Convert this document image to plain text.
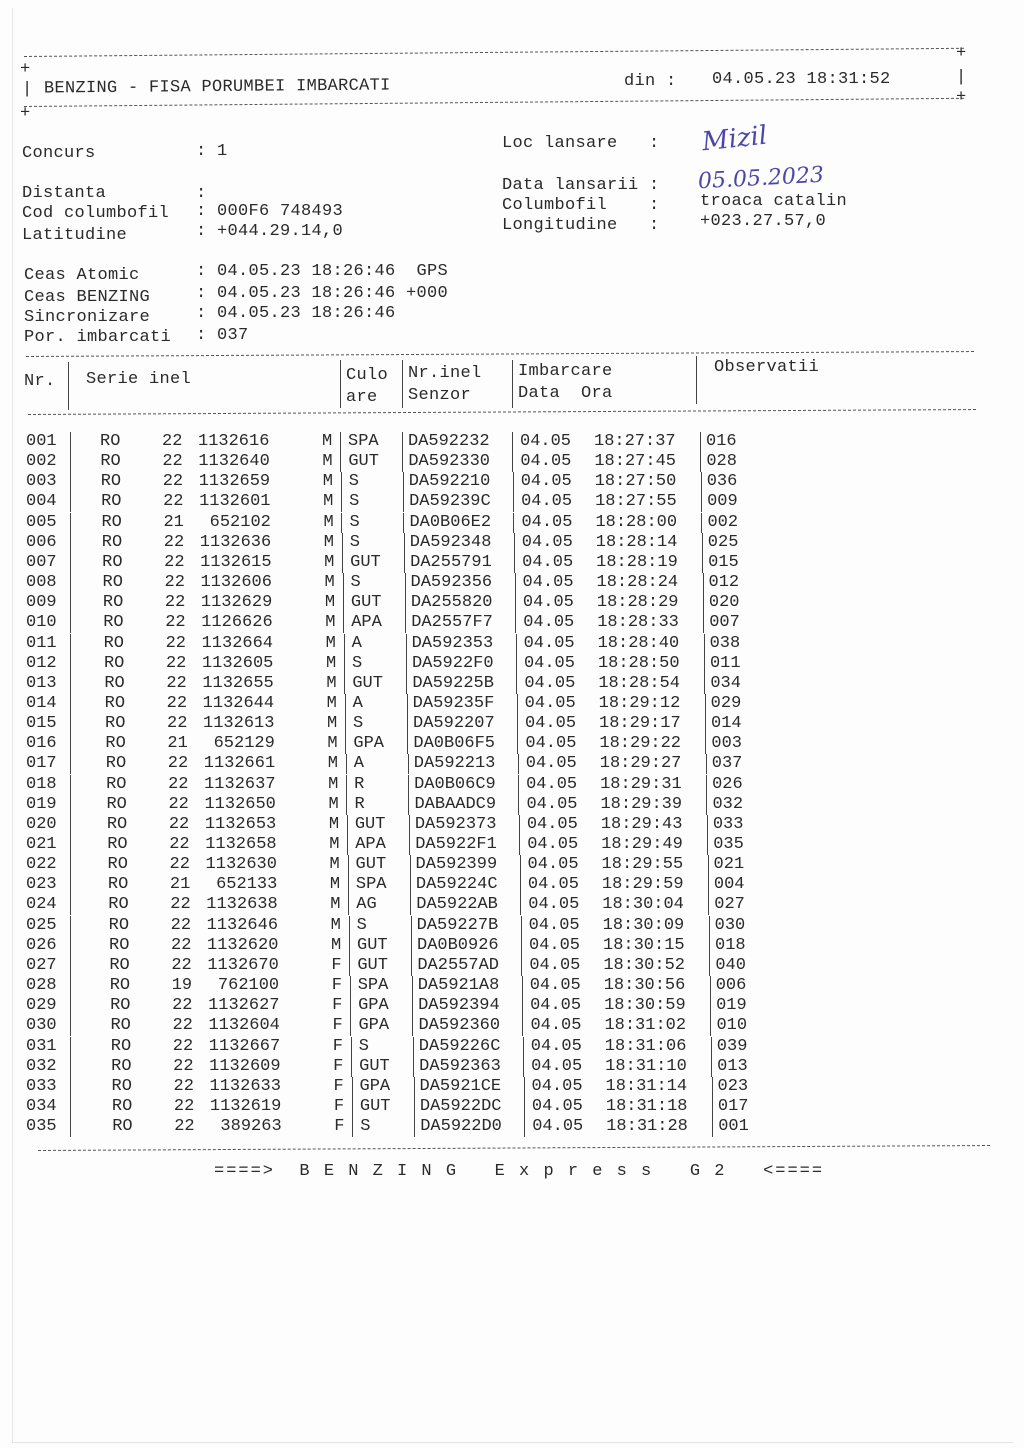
+
+
|
|
BENZING - FISA PORUMBEI IMBARCATI	din : 04.05.23 18:31:52
+
+
Concurs : 1
Distanta :
Cod columbofil : 000F6 748493
Latitudine : +044.29.14,0
Loc lansare   : Mizil
Data lansarii : 05.05.2023
Columbofil    : troaca catalin
Longitudine   : +023.27.57,0
Ceas Atomic : 04.05.23 18:26:46  GPS
Ceas BENZING : 04.05.23 18:26:46 +000
Sincronizare : 04.05.23 18:26:46
Por. imbarcati : 037
Nr. Serie inel	Culo
are
Nr.inel
Senzor
Imbarcare
Data  Ora
Observatii
001	RO 22 1132616	M SPA DA592232 04.05 18:27:37 016
002	RO 22 1132640	M GUT DA592330 04.05 18:27:45 028
003	RO 22 1132659	M S	DA592210 04.05 18:27:50 036
004	RO 22 1132601	M S	DA59239C 04.05 18:27:55 009
005	RO 21 652102	M S	DA0B06E2 04.05 18:28:00 002
006	RO 22 1132636	M S	DA592348 04.05 18:28:14 025
007	RO 22 1132615	M GUT DA255791 04.05 18:28:19 015
008	RO 22 1132606	M S	DA592356 04.05 18:28:24 012
009	RO 22 1132629	M GUT DA255820 04.05 18:28:29 020
010	RO 22 1126626	M APA DA2557F7 04.05 18:28:33 007
011	RO 22 1132664	M A	DA592353 04.05 18:28:40 038
012	RO 22 1132605	M S	DA5922F0 04.05 18:28:50 011
013	RO 22 1132655	M GUT DA59225B 04.05 18:28:54 034
014	RO 22 1132644	M A	DA59235F 04.05 18:29:12 029
015	RO 22 1132613	M S	DA592207 04.05 18:29:17 014
016	RO 21 652129	M GPA DA0B06F5 04.05 18:29:22 003
017	RO 22 1132661	M A	DA592213 04.05 18:29:27 037
018	RO 22 1132637	M R	DA0B06C9 04.05 18:29:31 026
019	RO 22 1132650	M R	DABAADC9 04.05 18:29:39 032
020	RO 22 1132653	M GUT DA592373 04.05 18:29:43 033
021	RO 22 1132658	M APA DA5922F1 04.05 18:29:49 035
022	RO 22 1132630	M GUT DA592399 04.05 18:29:55 021
023	RO 21 652133	M SPA DA59224C 04.05 18:29:59 004
024	RO 22 1132638	M AG DA5922AB 04.05 18:30:04 027
025	RO 22 1132646	M S	DA59227B 04.05 18:30:09 030
026	RO 22 1132620	M GUT DA0B0926 04.05 18:30:15 018
027	RO 22 1132670	F GUT DA2557AD 04.05 18:30:52 040
028	RO 19 762100	F SPA DA5921A8 04.05 18:30:56 006
029	RO 22 1132627	F GPA DA592394 04.05 18:30:59 019
030	RO 22 1132604	F GPA DA592360 04.05 18:31:02 010
031	RO 22 1132667	F S	DA59226C 04.05 18:31:06 039
032	RO 22 1132609	F GUT DA592363 04.05 18:31:10 013
033	RO 22 1132633	F GPA DA5921CE 04.05 18:31:14 023
034	RO 22 1132619	F GUT DA5922DC 04.05 18:31:18 017
035	RO 22 389263	F S	DA5922D0 04.05 18:31:28 001
====>  B E N Z I N G   E x p r e s s   G 2   <====
